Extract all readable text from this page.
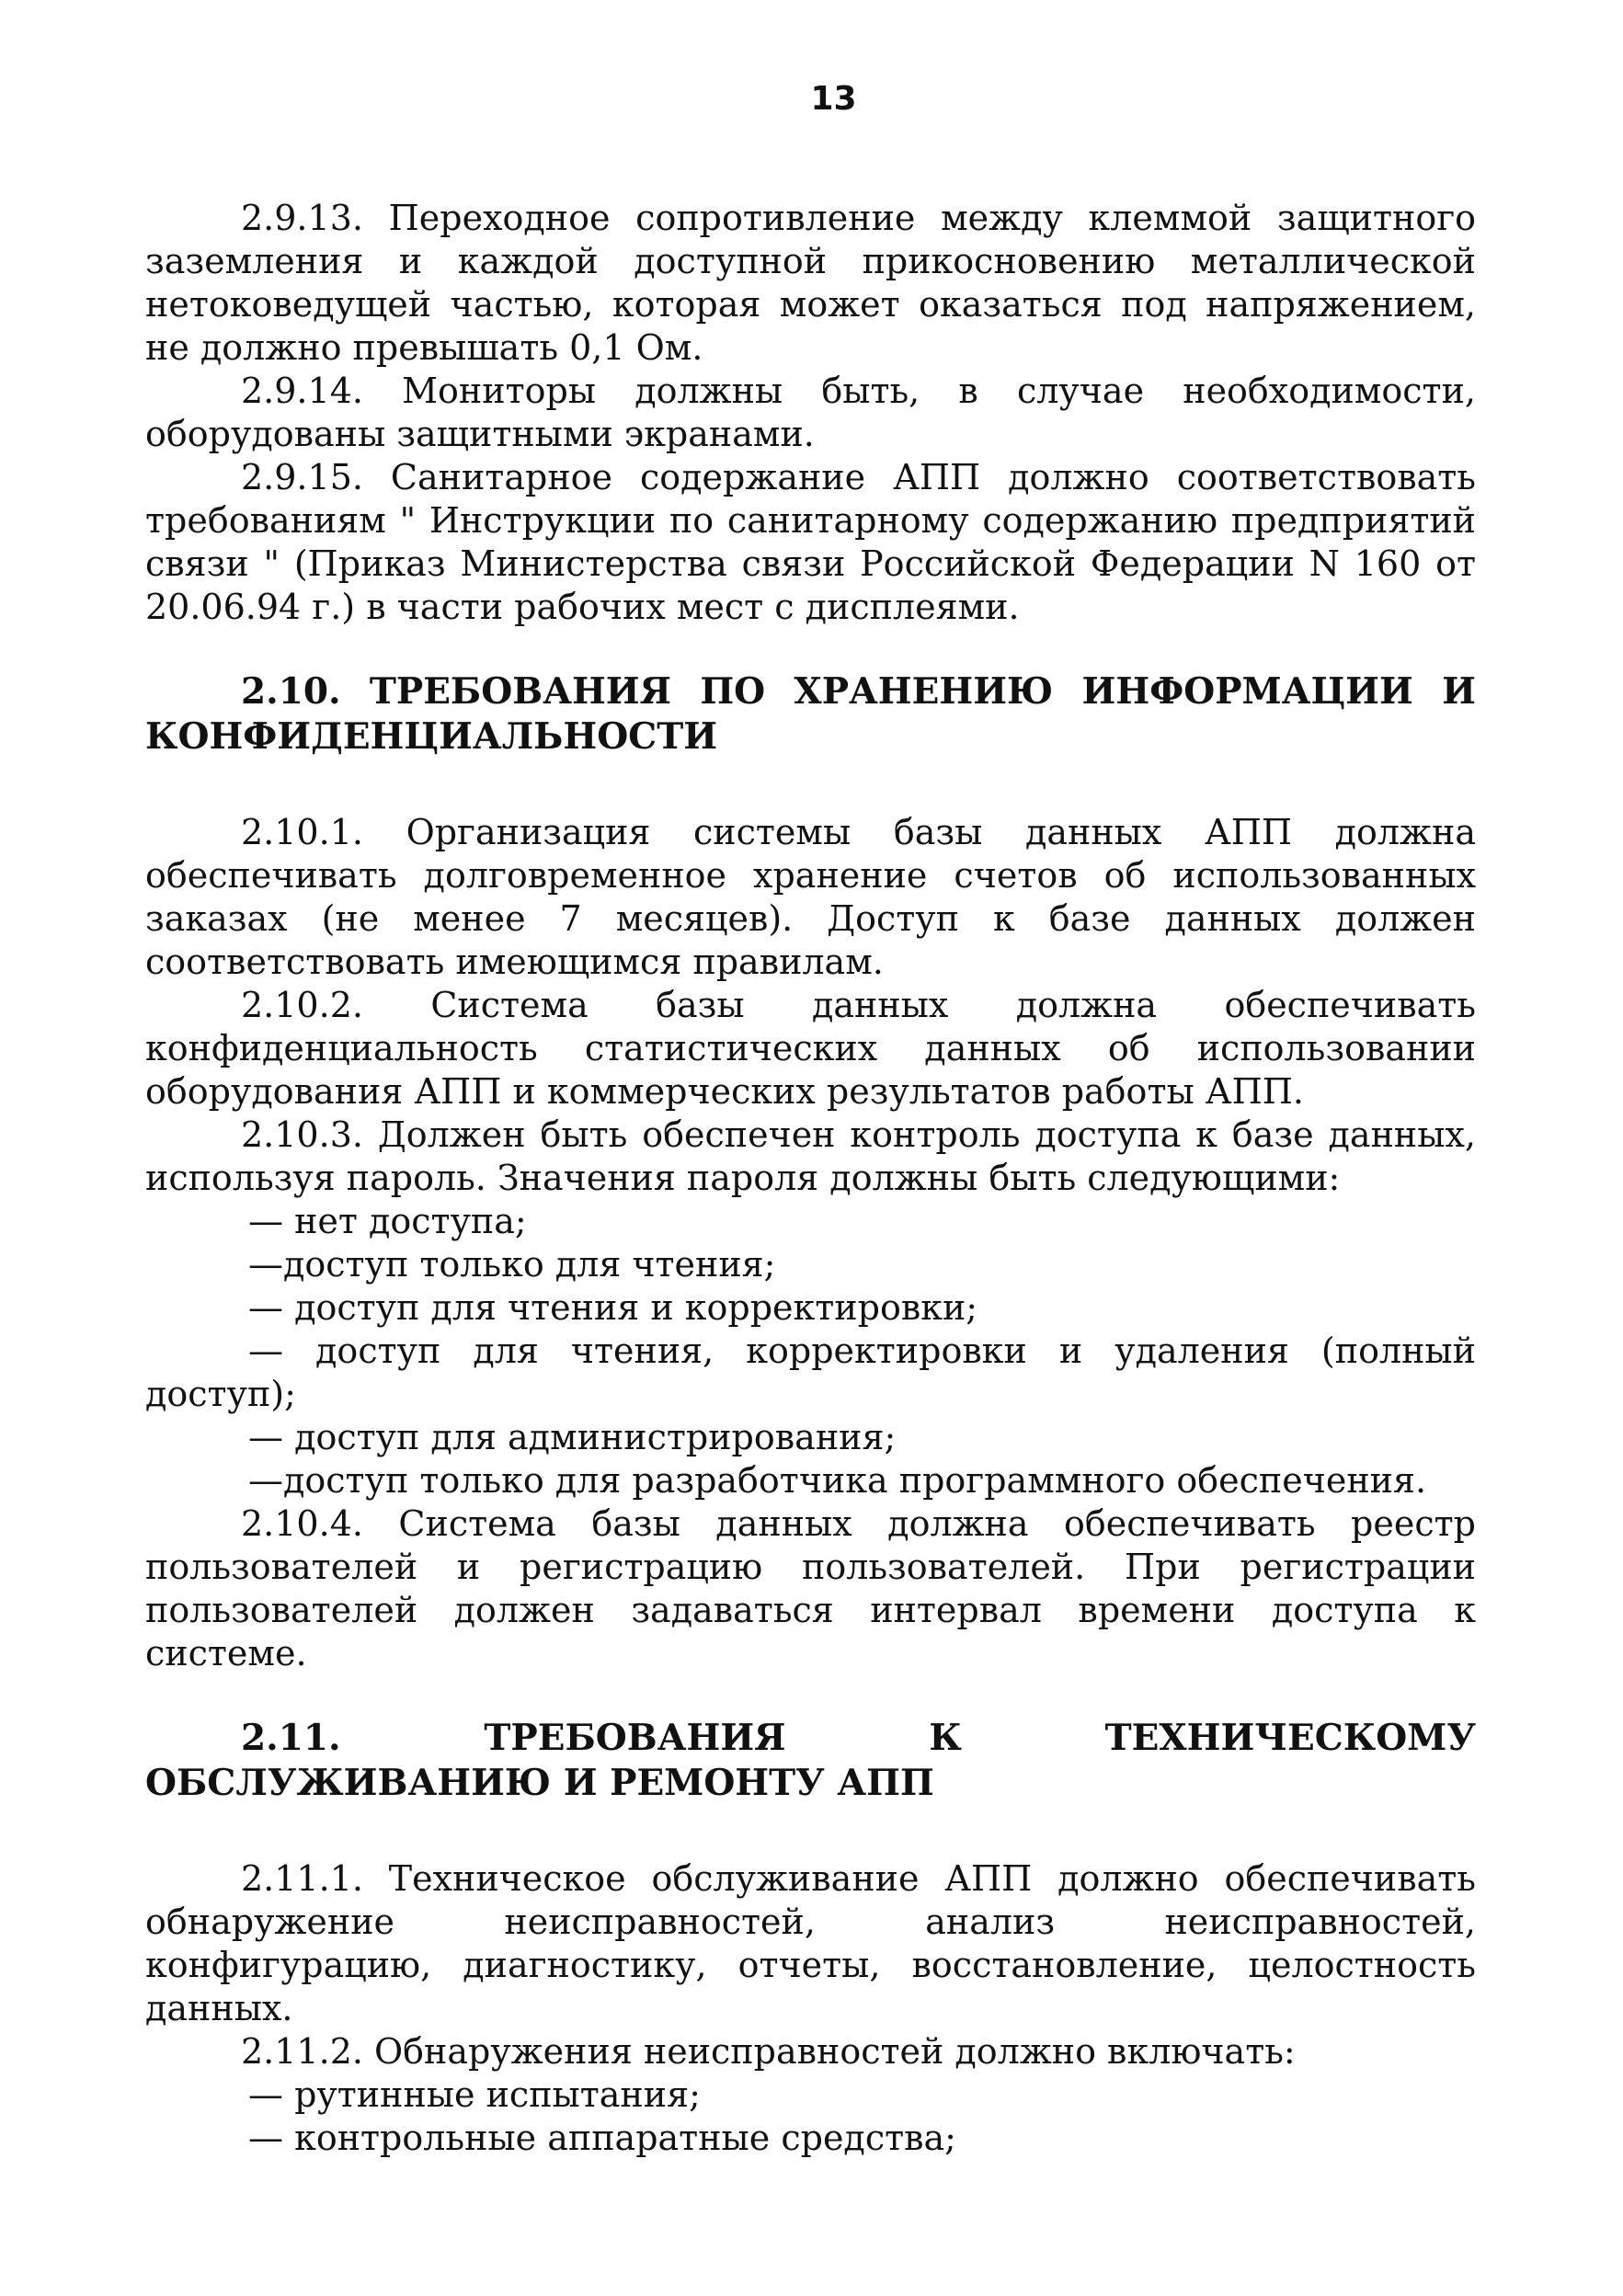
13

2.9.13. Переходное сопротивление между клеммой защитного заземления и каждой доступной прикосновению металлической нетоковедущей частью, которая может оказаться под напряжением, не должно превышать 0,1 Ом.

2.9.14. Мониторы должны быть, в случае необходимости, оборудованы защитными экранами.

2.9.15. Санитарное содержание АПП должно соответствовать требованиям " Инструкции по санитарному содержанию предприятий связи " (Приказ Министерства связи Российской Федерации N 160 от 20.06.94 г.) в части рабочих мест с дисплеями.

2.10. ТРЕБОВАНИЯ ПО ХРАНЕНИЮ ИНФОРМАЦИИ И КОНФИДЕНЦИАЛЬНОСТИ

2.10.1. Организация системы базы данных АПП должна обеспечивать долговременное хранение счетов об использованных заказах (не менее 7 месяцев). Доступ к базе данных должен соответствовать имеющимся правилам.

2.10.2. Система базы данных должна обеспечивать конфиденциальность статистических данных об использовании оборудования АПП и коммерческих результатов работы АПП.

2.10.3. Должен быть обеспечен контроль доступа к базе данных, используя пароль. Значения пароля должны быть следующими:

— нет доступа;

—доступ только для чтения;

— доступ для чтения и корректировки;

— доступ для чтения, корректировки и удаления (полный доступ);

— доступ для администрирования;

—доступ только для разработчика программного обеспечения.

2.10.4. Система базы данных должна обеспечивать реестр пользователей и регистрацию пользователей. При регистрации пользователей должен задаваться интервал времени доступа к системе.

2.11. ТРЕБОВАНИЯ К ТЕХНИЧЕСКОМУ ОБСЛУЖИВАНИЮ И РЕМОНТУ АПП

2.11.1. Техническое обслуживание АПП должно обеспечивать обнаружение неисправностей, анализ неисправностей, конфигурацию, диагностику, отчеты, восстановление, целостность данных.

2.11.2. Обнаружения неисправностей должно включать:

— рутинные испытания;

— контрольные аппаратные средства;
